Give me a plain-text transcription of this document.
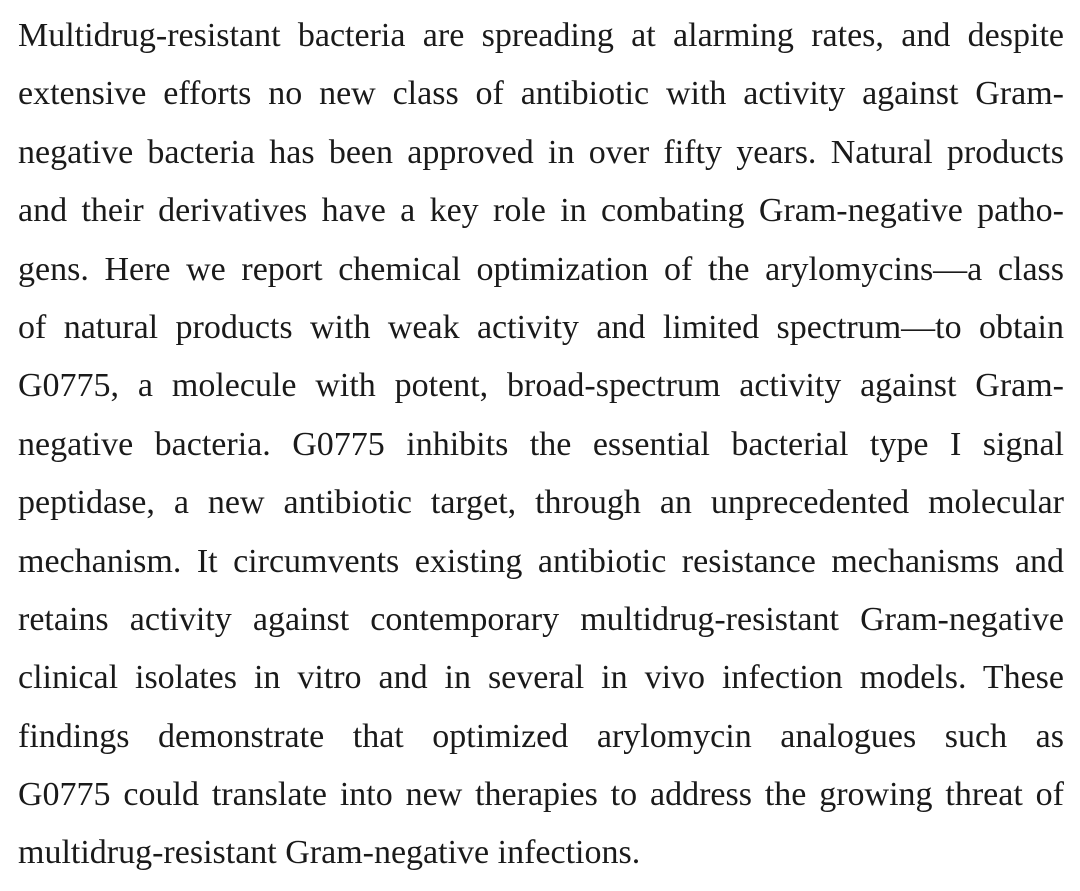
Multidrug-resistant bacteria are spreading at alarming rates, and despite
extensive efforts no new class of antibiotic with activity against Gram-
negative bacteria has been approved in over fifty years. Natural products
and their derivatives have a key role in combating Gram-negative patho-
gens. Here we report chemical optimization of the arylomycins—a class
of natural products with weak activity and limited spectrum—to obtain
G0775, a molecule with potent, broad-spectrum activity against Gram-
negative bacteria. G0775 inhibits the essential bacterial type I signal
peptidase, a new antibiotic target, through an unprecedented molecular
mechanism. It circumvents existing antibiotic resistance mechanisms and
retains activity against contemporary multidrug-resistant Gram-negative
clinical isolates in vitro and in several in vivo infection models. These
findings demonstrate that optimized arylomycin analogues such as
G0775 could translate into new therapies to address the growing threat of
multidrug-resistant Gram-negative infections.
